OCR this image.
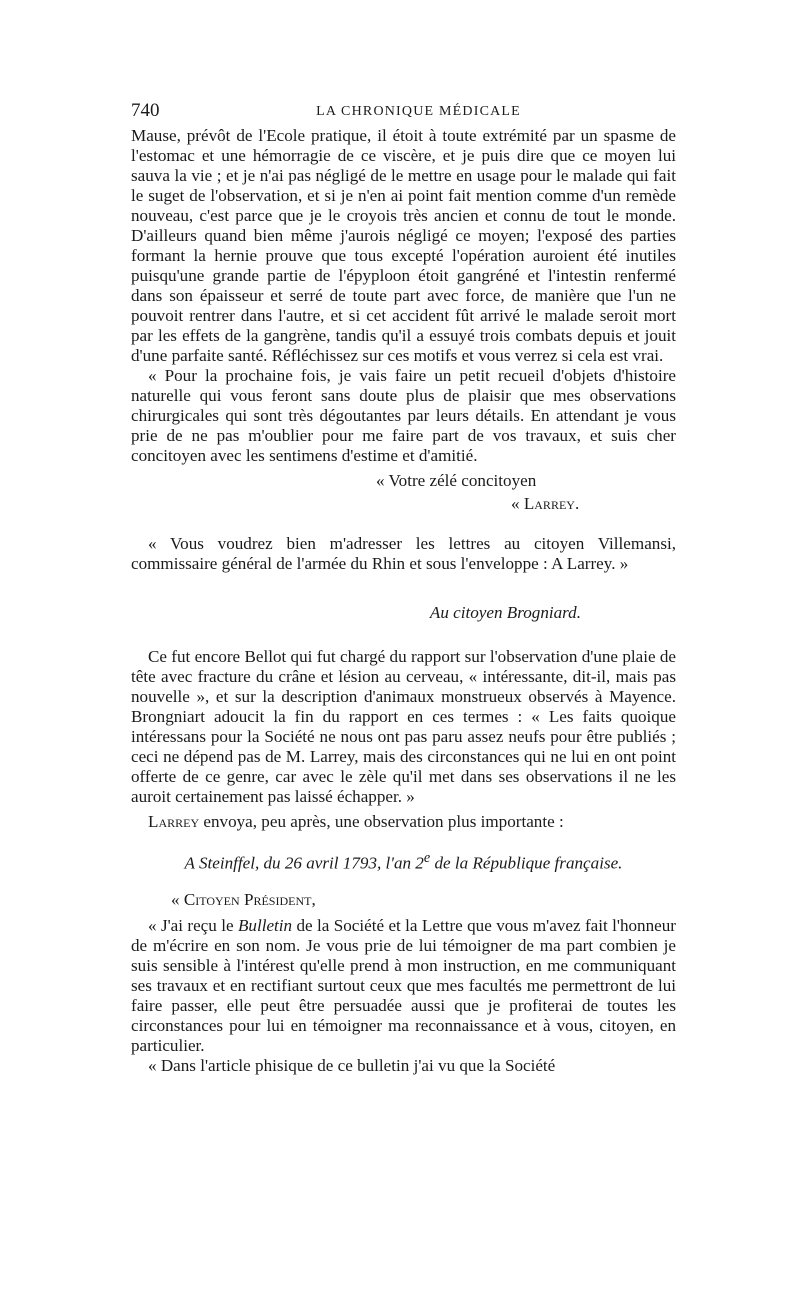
740	LA CHRONIQUE MÉDICALE

Mause, prévôt de l'Ecole pratique, il étoit à toute extrémité par un spasme de l'estomac et une hémorragie de ce viscère, et je puis dire que ce moyen lui sauva la vie ; et je n'ai pas négligé de le mettre en usage pour le malade qui fait le suget de l'observation, et si je n'en ai point fait mention comme d'un remède nouveau, c'est parce que je le croyois très ancien et connu de tout le monde. D'ailleurs quand bien même j'aurois négligé ce moyen; l'exposé des parties formant la hernie prouve que tous excepté l'opération auroient été inutiles puisqu'une grande partie de l'épyploon étoit gangréné et l'intestin renfermé dans son épaisseur et serré de toute part avec force, de manière que l'un ne pouvoit rentrer dans l'autre, et si cet accident fût arrivé le malade seroit mort par les effets de la gangrène, tandis qu'il a essuyé trois combats depuis et jouit d'une parfaite santé. Réfléchissez sur ces motifs et vous verrez si cela est vrai.

« Pour la prochaine fois, je vais faire un petit recueil d'objets d'histoire naturelle qui vous feront sans doute plus de plaisir que mes observations chirurgicales qui sont très dégoutantes par leurs détails. En attendant je vous prie de ne pas m'oublier pour me faire part de vos travaux, et suis cher concitoyen avec les sentimens d'estime et d'amitié.

« Votre zélé concitoyen

« Larrey.

« Vous voudrez bien m'adresser les lettres au citoyen Villemansi, commissaire général de l'armée du Rhin et sous l'enveloppe : A Larrey. »

Au citoyen Brogniard.

Ce fut encore Bellot qui fut chargé du rapport sur l'observation d'une plaie de tête avec fracture du crâne et lésion au cerveau, « intéressante, dit-il, mais pas nouvelle », et sur la description d'animaux monstrueux observés à Mayence. Brongniart adoucit la fin du rapport en ces termes : « Les faits quoique intéressans pour la Société ne nous ont pas paru assez neufs pour être publiés ; ceci ne dépend pas de M. Larrey, mais des circonstances qui ne lui en ont point offerte de ce genre, car avec le zèle qu'il met dans ses observations il ne les auroit certainement pas laissé échapper. »

Larrey envoya, peu après, une observation plus importante :

A Steinffel, du 26 avril 1793, l'an 2e de la République française.

« Citoyen Président,

« J'ai reçu le Bulletin de la Société et la Lettre que vous m'avez fait l'honneur de m'écrire en son nom. Je vous prie de lui témoigner de ma part combien je suis sensible à l'intérest qu'elle prend à mon instruction, en me communiquant ses travaux et en rectifiant surtout ceux que mes facultés me permettront de lui faire passer, elle peut être persuadée aussi que je profiterai de toutes les circonstances pour lui en témoigner ma reconnaissance et à vous, citoyen, en particulier.

« Dans l'article phisique de ce bulletin j'ai vu que la Société
